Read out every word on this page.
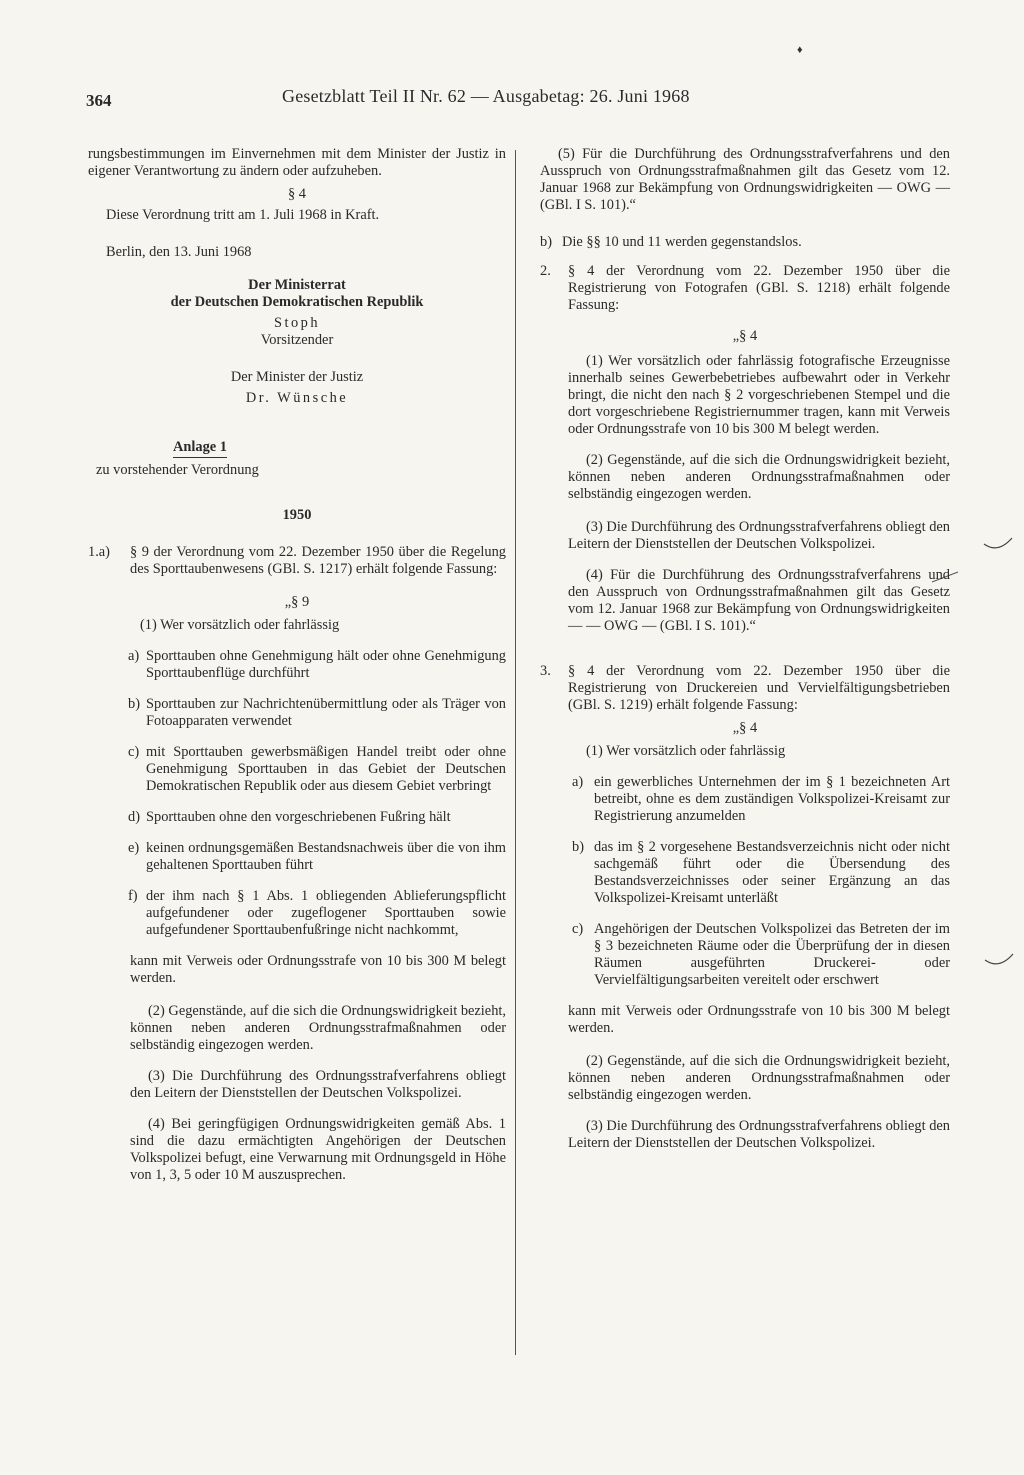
364	Gesetzblatt Teil II Nr. 62 — Ausgabetag: 26. Juni 1968
♦

rungsbestimmungen im Einvernehmen mit dem Minister der Justiz in eigener Verantwortung zu ändern oder aufzuheben.

§ 4

Diese Verordnung tritt am 1. Juli 1968 in Kraft.

Berlin, den 13. Juni 1968

Der Ministerrat

der Deutschen Demokratischen Republik

Stoph

Vorsitzender

Der Minister der Justiz

Dr. Wünsche

Anlage 1

zu vorstehender Verordnung

1950

1.a)	§ 9 der Verordnung vom 22. Dezember 1950 über die Regelung des Sporttaubenwesens (GBl. S. 1217) erhält folgende Fassung:

„§ 9

(1) Wer vorsätzlich oder fahrlässig

a) Sporttauben ohne Genehmigung hält oder ohne Genehmigung Sporttaubenflüge durchführt
b) Sporttauben zur Nachrichtenübermittlung oder als Träger von Fotoapparaten verwendet
c) mit Sporttauben gewerbsmäßigen Handel treibt oder ohne Genehmigung Sporttauben in das Gebiet der Deutschen Demokratischen Republik oder aus diesem Gebiet verbringt
d) Sporttauben ohne den vorgeschriebenen Fußring hält
e) keinen ordnungsgemäßen Bestandsnachweis über die von ihm gehaltenen Sporttauben führt
f) der ihm nach § 1 Abs. 1 obliegenden Ablieferungspflicht aufgefundener oder zugeflogener Sporttauben sowie aufgefundener Sporttaubenfußringe nicht nachkommt,

kann mit Verweis oder Ordnungsstrafe von 10 bis 300 M belegt werden.

(2) Gegenstände, auf die sich die Ordnungswidrigkeit bezieht, können neben anderen Ordnungsstrafmaßnahmen oder selbständig eingezogen werden.

(3) Die Durchführung des Ordnungsstrafverfahrens obliegt den Leitern der Dienststellen der Deutschen Volkspolizei.

(4) Bei geringfügigen Ordnungswidrigkeiten gemäß Abs. 1 sind die dazu ermächtigten Angehörigen der Deutschen Volkspolizei befugt, eine Verwarnung mit Ordnungsgeld in Höhe von 1, 3, 5 oder 10 M auszusprechen.

(5) Für die Durchführung des Ordnungsstrafverfahrens und den Ausspruch von Ordnungsstrafmaßnahmen gilt das Gesetz vom 12. Januar 1968 zur Bekämpfung von Ordnungswidrigkeiten — OWG — (GBl. I S. 101).“

b) Die §§ 10 und 11 werden gegenstandslos.
2.	§ 4 der Verordnung vom 22. Dezember 1950 über die Registrierung von Fotografen (GBl. S. 1218) erhält folgende Fassung:

„§ 4

(1) Wer vorsätzlich oder fahrlässig fotografische Erzeugnisse innerhalb seines Gewerbebetriebes aufbewahrt oder in Verkehr bringt, die nicht den nach § 2 vorgeschriebenen Stempel und die dort vorgeschriebene Registriernummer tragen, kann mit Verweis oder Ordnungsstrafe von 10 bis 300 M belegt werden.

(2) Gegenstände, auf die sich die Ordnungswidrigkeit bezieht, können neben anderen Ordnungsstrafmaßnahmen oder selbständig eingezogen werden.

(3) Die Durchführung des Ordnungsstrafverfahrens obliegt den Leitern der Dienststellen der Deutschen Volkspolizei.

(4) Für die Durchführung des Ordnungsstrafverfahrens und den Ausspruch von Ordnungsstrafmaßnahmen gilt das Gesetz vom 12. Januar 1968 zur Bekämpfung von Ordnungswidrigkeiten — — OWG — (GBl. I S. 101).“

3.	§ 4 der Verordnung vom 22. Dezember 1950 über die Registrierung von Druckereien und Vervielfältigungsbetrieben (GBl. S. 1219) erhält folgende Fassung:

„§ 4

(1) Wer vorsätzlich oder fahrlässig

a) ein gewerbliches Unternehmen der im § 1 bezeichneten Art betreibt, ohne es dem zuständigen Volkspolizei-Kreisamt zur Registrierung anzumelden
b) das im § 2 vorgesehene Bestandsverzeichnis nicht oder nicht sachgemäß führt oder die Übersendung des Bestandsverzeichnisses oder seiner Ergänzung an das Volkspolizei-Kreisamt unterläßt
c) Angehörigen der Deutschen Volkspolizei das Betreten der im § 3 bezeichneten Räume oder die Überprüfung der in diesen Räumen ausgeführten Druckerei- oder Vervielfältigungsarbeiten vereitelt oder erschwert

kann mit Verweis oder Ordnungsstrafe von 10 bis 300 M belegt werden.

(2) Gegenstände, auf die sich die Ordnungswidrigkeit bezieht, können neben anderen Ordnungsstrafmaßnahmen oder selbständig eingezogen werden.

(3) Die Durchführung des Ordnungsstrafverfahrens obliegt den Leitern der Dienststellen der Deutschen Volkspolizei.
